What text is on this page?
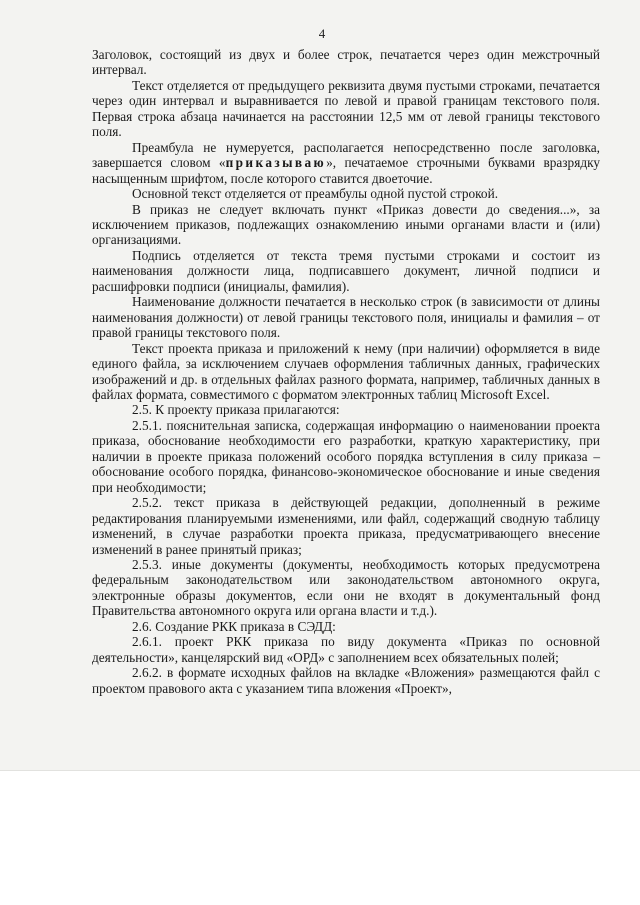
4

Заголовок, состоящий из двух и более строк, печатается через один межстрочный интервал.

Текст отделяется от предыдущего реквизита двумя пустыми строками, печатается через один интервал и выравнивается по левой и правой границам текстового поля. Первая строка абзаца начинается на расстоянии 12,5 мм от левой границы текстового поля.

Преамбула не нумеруется, располагается непосредственно после заголовка, завершается словом «приказываю», печатаемое строчными буквами вразрядку насыщенным шрифтом, после которого ставится двоеточие.

Основной текст отделяется от преамбулы одной пустой строкой.

В приказ не следует включать пункт «Приказ довести до сведения...», за исключением приказов, подлежащих ознакомлению иными органами власти и (или) организациями.

Подпись отделяется от текста тремя пустыми строками и состоит из наименования должности лица, подписавшего документ, личной подписи и расшифровки подписи (инициалы, фамилия).

Наименование должности печатается в несколько строк (в зависимости от длины наименования должности) от левой границы текстового поля, инициалы и фамилия – от правой границы текстового поля.

Текст проекта приказа и приложений к нему (при наличии) оформляется в виде единого файла, за исключением случаев оформления табличных данных, графических изображений и др. в отдельных файлах разного формата, например, табличных данных в файлах формата, совместимого с форматом электронных таблиц Microsoft Excel.

2.5. К проекту приказа прилагаются:

2.5.1. пояснительная записка, содержащая информацию о наименовании проекта приказа, обоснование необходимости его разработки, краткую характеристику, при наличии в проекте приказа положений особого порядка вступления в силу приказа – обоснование особого порядка, финансово-экономическое обоснование и иные сведения при необходимости;

2.5.2. текст приказа в действующей редакции, дополненный в режиме редактирования планируемыми изменениями, или файл, содержащий сводную таблицу изменений, в случае разработки проекта приказа, предусматривающего внесение изменений в ранее принятый приказ;

2.5.3. иные документы (документы, необходимость которых предусмотрена федеральным законодательством или законодательством автономного округа, электронные образы документов, если они не входят в документальный фонд Правительства автономного округа или органа власти и т.д.).

2.6. Создание РКК приказа в СЭДД:

2.6.1. проект РКК приказа по виду документа «Приказ по основной деятельности», канцелярский вид «ОРД» с заполнением всех обязательных полей;

2.6.2. в формате исходных файлов на вкладке «Вложения» размещаются файл с проектом правового акта с указанием типа вложения «Проект»,
